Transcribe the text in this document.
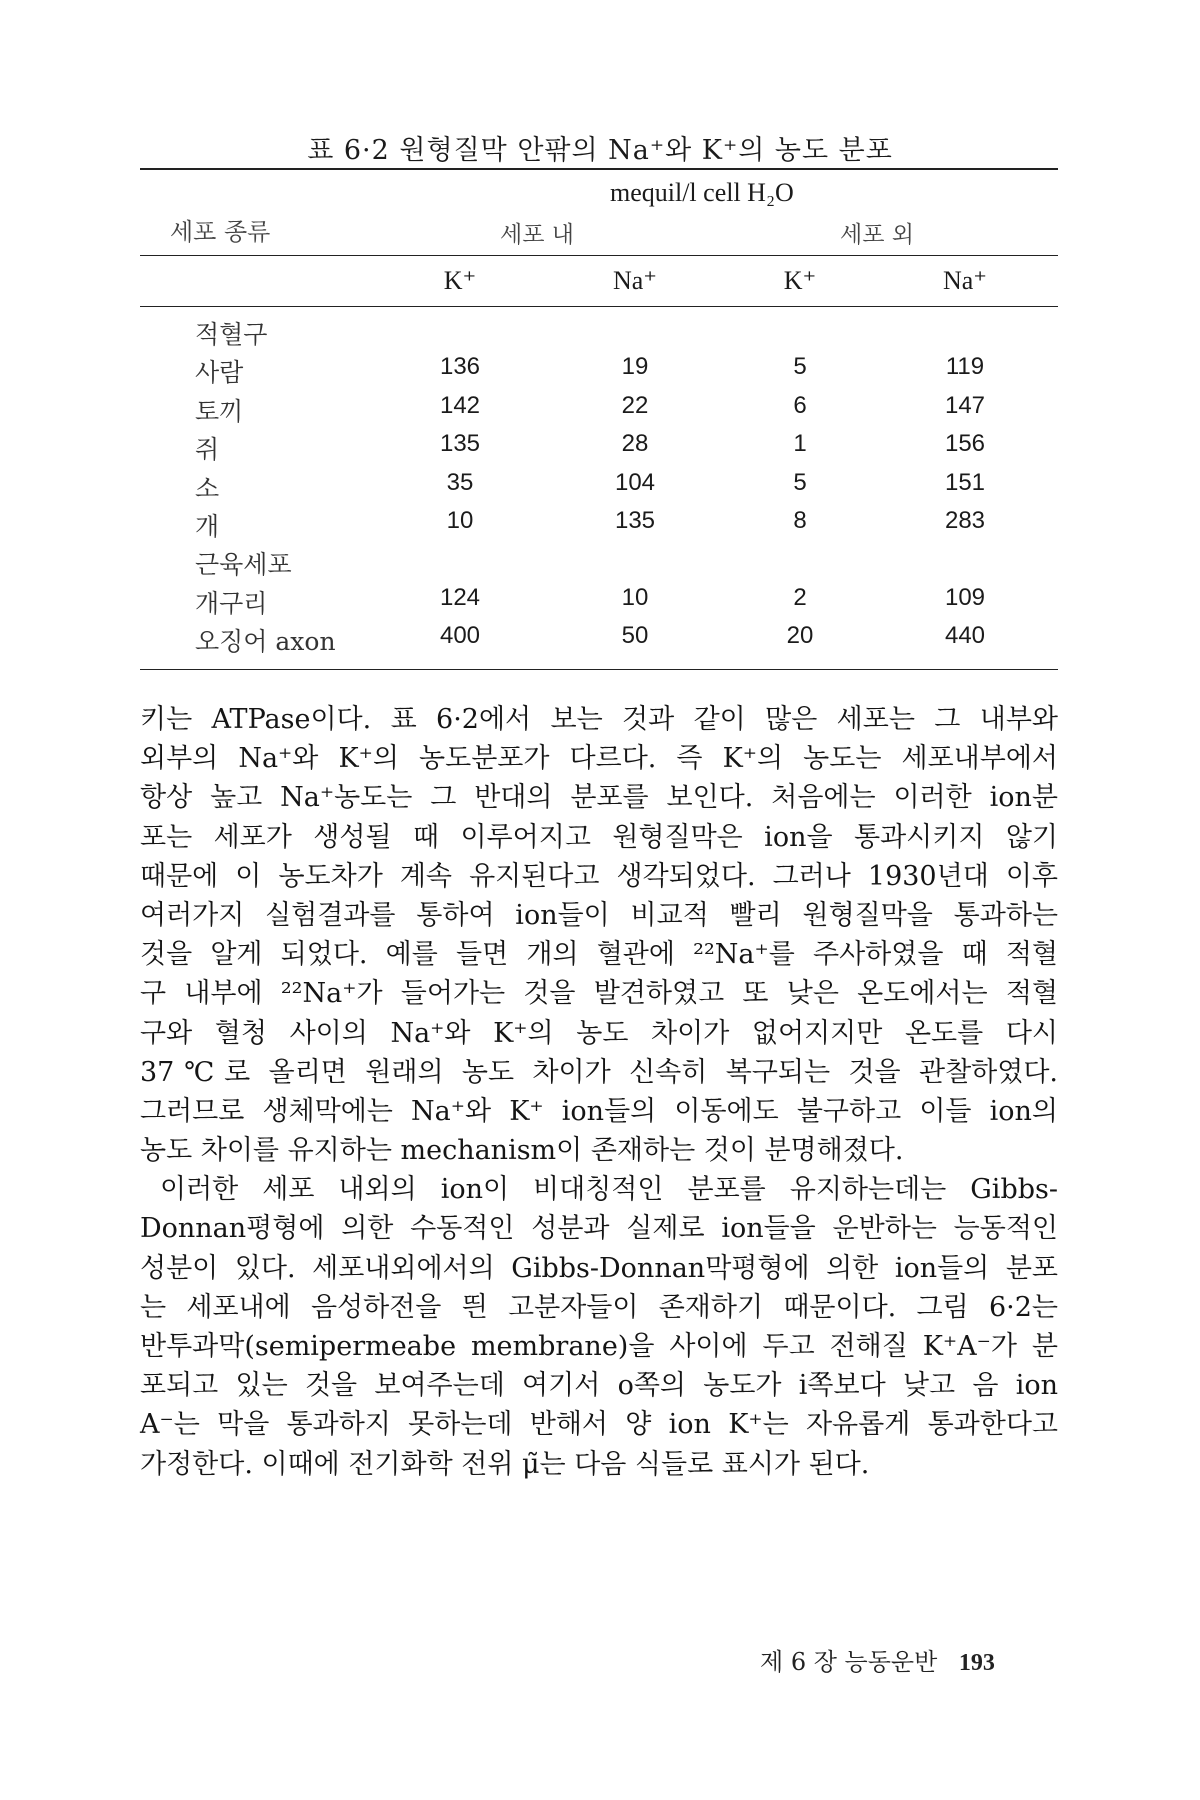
표 6·2 원형질막 안팎의 Na⁺와 K⁺의 농도 분포
mequil/l cell H₂O
세포 종류	세포 내	세포 외
K⁺	Na⁺	K⁺	Na⁺
적혈구
사람	136	19	5	119
토끼	142	22	6	147
쥐	135	28	1	156
소	35	104	5	151
개	10	135	8	283
근육세포
개구리	124	10	2	109
오징어 axon	400	50	20	440
키는 ATPase이다. 표 6·2에서 보는 것과 같이 많은 세포는 그 내부와
외부의 Na⁺와 K⁺의 농도분포가 다르다. 즉 K⁺의 농도는 세포내부에서
항상 높고 Na⁺농도는 그 반대의 분포를 보인다. 처음에는 이러한 ion분
포는 세포가 생성될 때 이루어지고 원형질막은 ion을 통과시키지 않기
때문에 이 농도차가 계속 유지된다고 생각되었다. 그러나 1930년대 이후
여러가지 실험결과를 통하여 ion들이 비교적 빨리 원형질막을 통과하는
것을 알게 되었다. 예를 들면 개의 혈관에 ²²Na⁺를 주사하였을 때 적혈
구 내부에 ²²Na⁺가 들어가는 것을 발견하였고 또 낮은 온도에서는 적혈
구와 혈청 사이의 Na⁺와 K⁺의 농도 차이가 없어지지만 온도를 다시
37℃로 올리면 원래의 농도 차이가 신속히 복구되는 것을 관찰하였다.
그러므로 생체막에는 Na⁺와 K⁺ ion들의 이동에도 불구하고 이들 ion의
농도 차이를 유지하는 mechanism이 존재하는 것이 분명해졌다.
이러한 세포 내외의 ion이 비대칭적인 분포를 유지하는데는 Gibbs-
Donnan평형에 의한 수동적인 성분과 실제로 ion들을 운반하는 능동적인
성분이 있다. 세포내외에서의 Gibbs-Donnan막평형에 의한 ion들의 분포
는 세포내에 음성하전을 띈 고분자들이 존재하기 때문이다. 그림 6·2는
반투과막(semipermeabe membrane)을 사이에 두고 전해질 K⁺A⁻가 분
포되고 있는 것을 보여주는데 여기서 o쪽의 농도가 i쪽보다 낮고 음 ion
A⁻는 막을 통과하지 못하는데 반해서 양 ion K⁺는 자유롭게 통과한다고
가정한다. 이때에 전기화학 전위 μ̃는 다음 식들로 표시가 된다.
제 6 장 능동운반 193
